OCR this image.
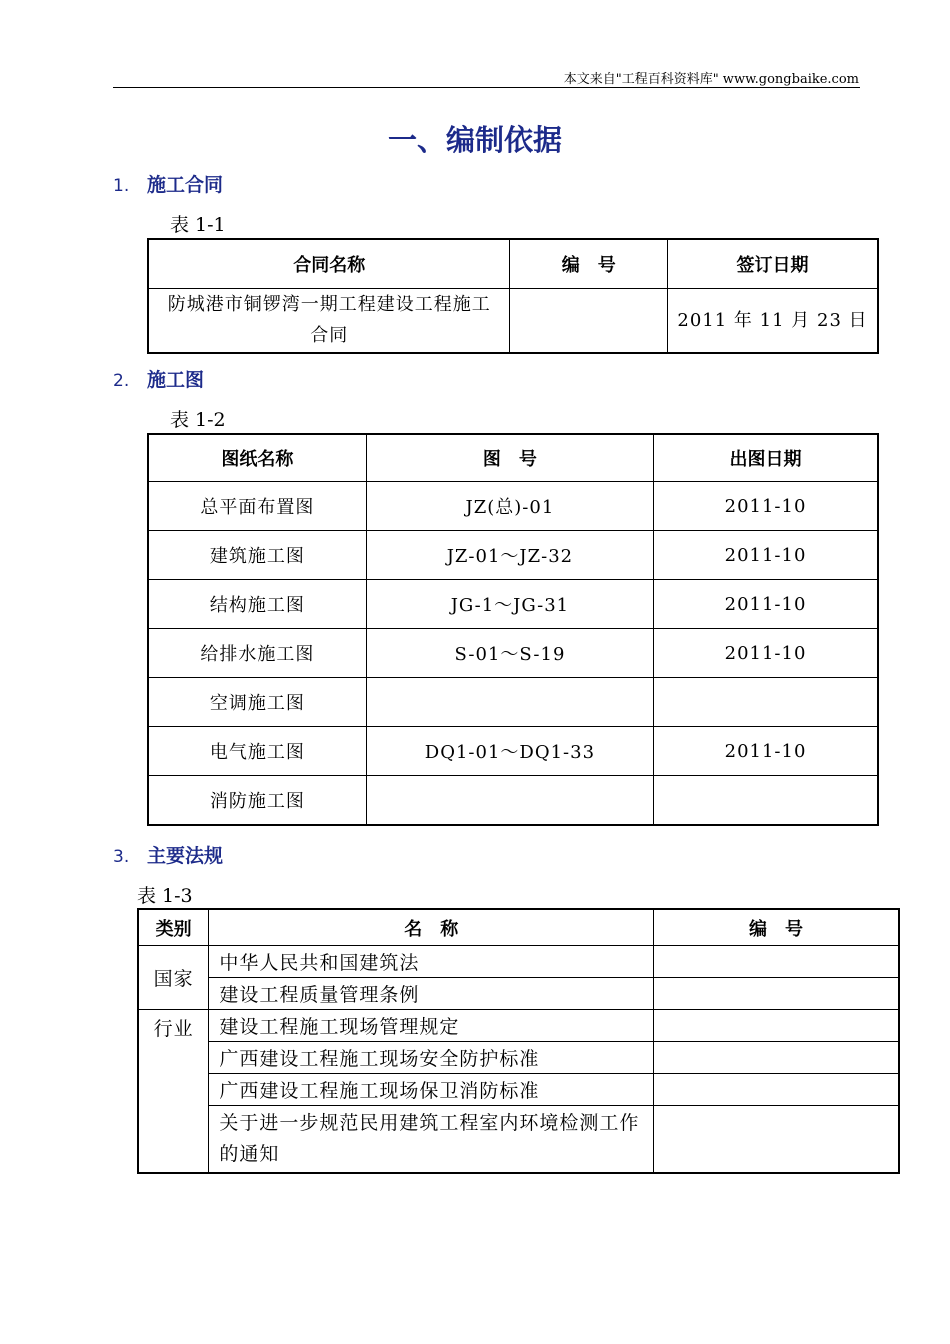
本文来自"工程百科资料库" www.gongbaike.com
一、编制依据
1. 施工合同
表 1-1
合同名称	编　号	签订日期
防城港市铜锣湾一期工程建设工程施工合同		2011 年 11 月 23 日
2. 施工图
表 1-2
图纸名称	图　号	出图日期
总平面布置图	JZ(总)-01	2011-10
建筑施工图	JZ-01～JZ-32	2011-10
结构施工图	JG-1～JG-31	2011-10
给排水施工图	S-01～S-19	2011-10
空调施工图		
电气施工图	DQ1-01～DQ1-33	2011-10
消防施工图		
3. 主要法规
表 1-3
类别	名　称	编　号
国家	中华人民共和国建筑法	
	建设工程质量管理条例	
行业	建设工程施工现场管理规定	
	广西建设工程施工现场安全防护标准	
	广西建设工程施工现场保卫消防标准	
	关于进一步规范民用建筑工程室内环境检测工作的通知	
